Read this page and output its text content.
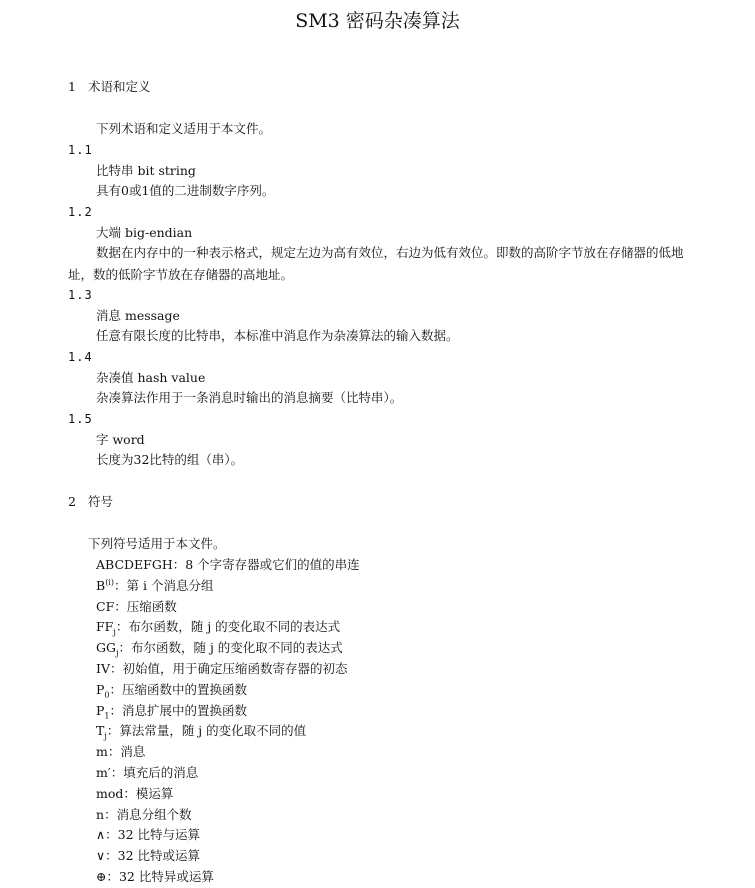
SM3 密码杂凑算法
1 术语和定义
下列术语和定义适用于本文件。
1.1
比特串 bit string
具有0或1值的二进制数字序列。
1.2
大端 big-endian
数据在内存中的一种表示格式，规定左边为高有效位，右边为低有效位。即数的高阶字节放在存储器的低地址，数的低阶字节放在存储器的高地址。
1.3
消息 message
任意有限长度的比特串，本标准中消息作为杂凑算法的输入数据。
1.4
杂凑值 hash value
杂凑算法作用于一条消息时输出的消息摘要（比特串）。
1.5
字 word
长度为32比特的组（串）。
2 符号
下列符号适用于本文件。
ABCDEFGH：8 个字寄存器或它们的值的串连
$B^{(i)}$：第 i 个消息分组
CF：压缩函数
$FF_j$：布尔函数，随 j 的变化取不同的表达式
$GG_j$：布尔函数，随 j 的变化取不同的表达式
IV：初始值，用于确定压缩函数寄存器的初态
$P_0$：压缩函数中的置换函数
$P_1$：消息扩展中的置换函数
$T_j$：算法常量，随 j 的变化取不同的值
m：消息
m′：填充后的消息
mod：模运算
n：消息分组个数
∧：32 比特与运算
∨：32 比特或运算
⊕：32 比特异或运算
